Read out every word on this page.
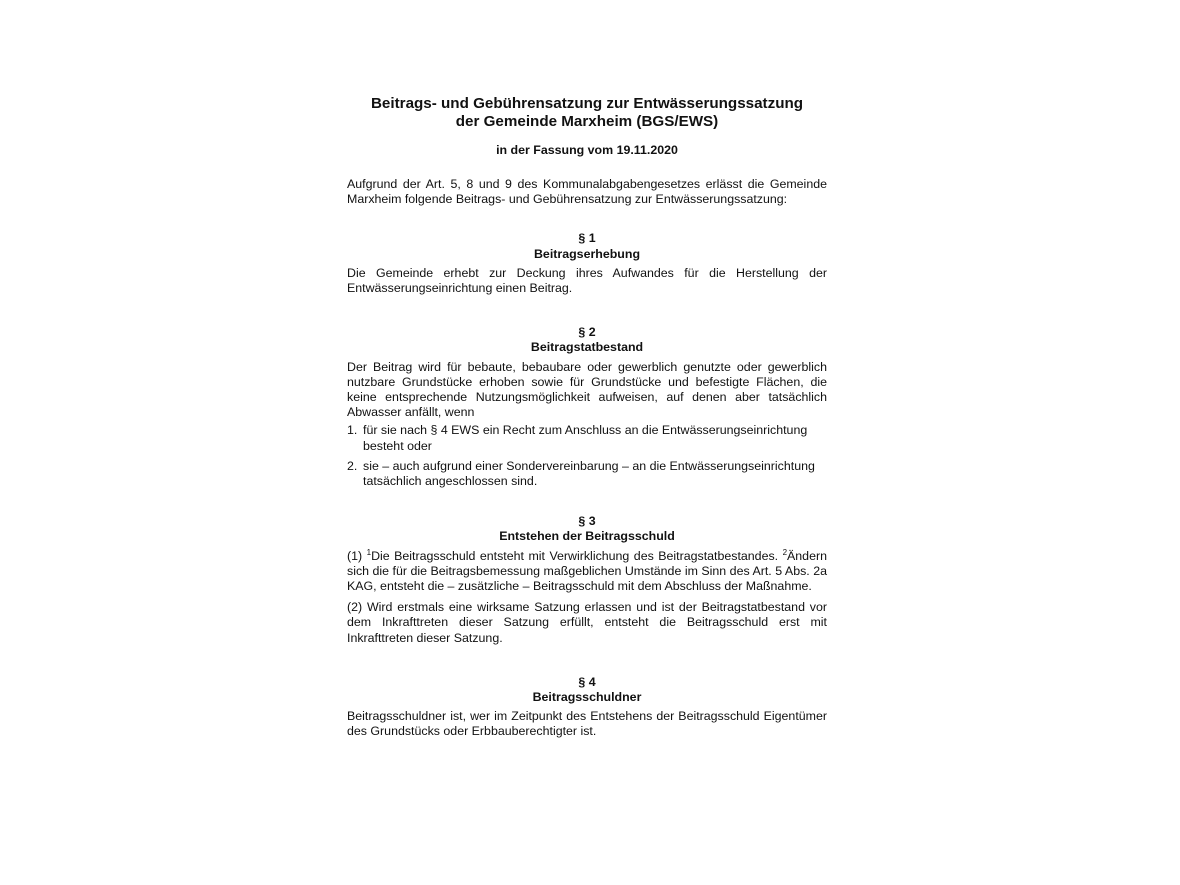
Beitrags- und Gebührensatzung zur Entwässerungssatzung
der Gemeinde Marxheim (BGS/EWS)
in der Fassung vom 19.11.2020

Aufgrund der Art. 5, 8 und 9 des Kommunalabgabengesetzes erlässt die Gemeinde Marxheim folgende Beitrags- und Gebührensatzung zur Entwässerungssatzung:

§ 1
Beitragserhebung

Die Gemeinde erhebt zur Deckung ihres Aufwandes für die Herstellung der Entwässerungseinrichtung einen Beitrag.

§ 2
Beitragstatbestand

Der Beitrag wird für bebaute, bebaubare oder gewerblich genutzte oder gewerblich nutzbare Grundstücke erhoben sowie für Grundstücke und befestigte Flächen, die keine entsprechende Nutzungsmöglichkeit aufweisen, auf denen aber tatsächlich Abwasser anfällt, wenn

1. für sie nach § 4 EWS ein Recht zum Anschluss an die Entwässerungseinrichtung besteht oder
2. sie – auch aufgrund einer Sondervereinbarung – an die Entwässerungseinrichtung tatsächlich angeschlossen sind.
§ 3
Entstehen der Beitragsschuld

(1) $^1$Die Beitragsschuld entsteht mit Verwirklichung des Beitragstatbestandes. $^2$Ändern sich die für die Beitragsbemessung maßgeblichen Umstände im Sinn des Art. 5 Abs. 2a KAG, entsteht die – zusätzliche – Beitragsschuld mit dem Abschluss der Maßnahme.

(2) Wird erstmals eine wirksame Satzung erlassen und ist der Beitragstatbestand vor dem Inkrafttreten dieser Satzung erfüllt, entsteht die Beitragsschuld erst mit Inkrafttreten dieser Satzung.

§ 4
Beitragsschuldner

Beitragsschuldner ist, wer im Zeitpunkt des Entstehens der Beitragsschuld Eigentümer des Grundstücks oder Erbbauberechtigter ist.
